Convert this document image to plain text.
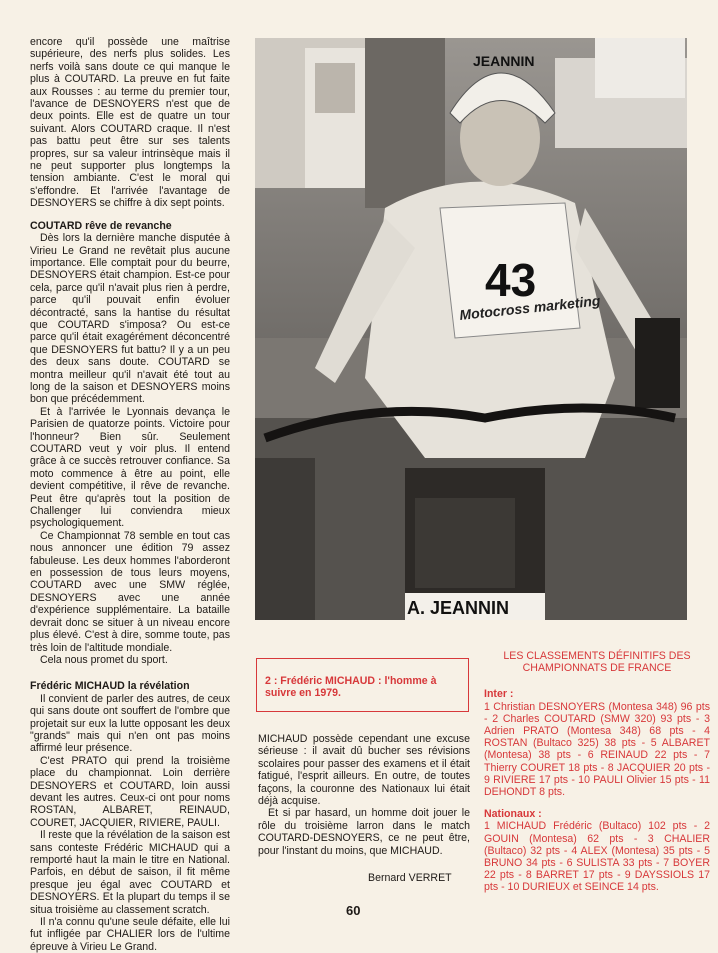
encore qu'il possède une maîtrise supérieure, des nerfs plus solides. Les nerfs voilà sans doute ce qui manque le plus à COUTARD. La preuve en fut faite aux Rousses : au terme du premier tour, l'avance de DESNOYERS n'est que de deux points. Elle est de quatre un tour suivant. Alors COUTARD craque. Il n'est pas battu peut être sur ses talents propres, sur sa valeur intrinsèque mais il ne peut supporter plus longtemps la tension ambiante. C'est le moral qui s'effondre. Et l'arrivée l'avantage de DESNOYERS se chiffre à dix sept points.

COUTARD rêve de revanche

Dès lors la dernière manche disputée à Virieu Le Grand ne revêtait plus aucune importance. Elle comptait pour du beurre, DESNOYERS était champion. Est-ce pour cela, parce qu'il n'avait plus rien à perdre, parce qu'il pouvait enfin évoluer décontracté, sans la hantise du résultat que COUTARD s'imposa? Ou est-ce parce qu'il était exagérément déconcentré que DESNOYERS fut battu? Il y a un peu des deux sans doute. COUTARD se montra meilleur qu'il n'avait été tout au long de la saison et DESNOYERS moins bon que précédemment.

Et à l'arrivée le Lyonnais devança le Parisien de quatorze points. Victoire pour l'honneur? Bien sûr. Seulement COUTARD veut y voir plus. Il entend grâce à ce succès retrouver confiance. Sa moto commence à être au point, elle devient compétitive, il rêve de revanche. Peut être qu'après tout la position de Challenger lui conviendra mieux psychologiquement.

Ce Championnat 78 semble en tout cas nous annoncer une édition 79 assez fabuleuse. Les deux hommes l'aborderont en possession de tous leurs moyens, COUTARD avec une SMW réglée, DESNOYERS avec une année d'expérience supplémentaire. La bataille devrait donc se situer à un niveau encore plus élevé. C'est à dire, somme toute, pas très loin de l'altitude mondiale.

Cela nous promet du sport.

Frédéric MICHAUD la révélation

Il convient de parler des autres, de ceux qui sans doute ont souffert de l'ombre que projetait sur eux la lutte opposant les deux "grands" mais qui n'en ont pas moins affirmé leur présence.

C'est PRATO qui prend la troisième place du championnat. Loin derrière DESNOYERS et COUTARD, loin aussi devant les autres. Ceux-ci ont pour noms ROSTAN, ALBARET, REINAUD, COURET, JACQUIER, RIVIERE, PAULI.

Il reste que la révélation de la saison est sans conteste Frédéric MICHAUD qui a remporté haut la main le titre en National. Parfois, en début de saison, il fit même presque jeu égal avec COUTARD et DESNOYERS. Et la plupart du temps il se situa troisième au classement scratch.

Il n'a connu qu'une seule défaite, elle lui fut infligée par CHALIER lors de l'ultime épreuve à Virieu Le Grand.

43
Motocross marketing
JEANNIN
A. JEANNIN
2 : Frédéric MICHAUD : l'homme à suivre en 1979.

MICHAUD possède cependant une excuse sérieuse : il avait dû bucher ses révisions scolaires pour passer des examens et il était fatigué, l'esprit ailleurs. En outre, de toutes façons, la couronne des Nationaux lui était déjà acquise.

Et si par hasard, un homme doit jouer le rôle du troisième larron dans le match COUTARD-DESNOYERS, ce ne peut être, pour l'instant du moins, que MICHAUD.

Bernard VERRET
LES CLASSEMENTS DÉFINITIFS DES CHAMPIONNATS DE FRANCE
Inter :
1 Christian DESNOYERS (Montesa 348) 96 pts - 2 Charles COUTARD (SMW 320) 93 pts - 3 Adrien PRATO (Montesa 348) 68 pts - 4 ROSTAN (Bultaco 325) 38 pts - 5 ALBARET (Montesa) 38 pts - 6 REINAUD 22 pts - 7 Thierry COURET 18 pts - 8 JACQUIER 20 pts - 9 RIVIERE 17 pts - 10 PAULI Olivier 15 pts - 11 DEHONDT 8 pts.
Nationaux :
1 MICHAUD Frédéric (Bultaco) 102 pts - 2 GOUIN (Montesa) 62 pts - 3 CHALIER (Bultaco) 32 pts - 4 ALEX (Montesa) 35 pts - 5 BRUNO 34 pts - 6 SULISTA 33 pts - 7 BOYER 22 pts - 8 BARRET 17 pts - 9 DAYSSIOLS 17 pts - 10 DURIEUX et SEINCE 14 pts.
60
